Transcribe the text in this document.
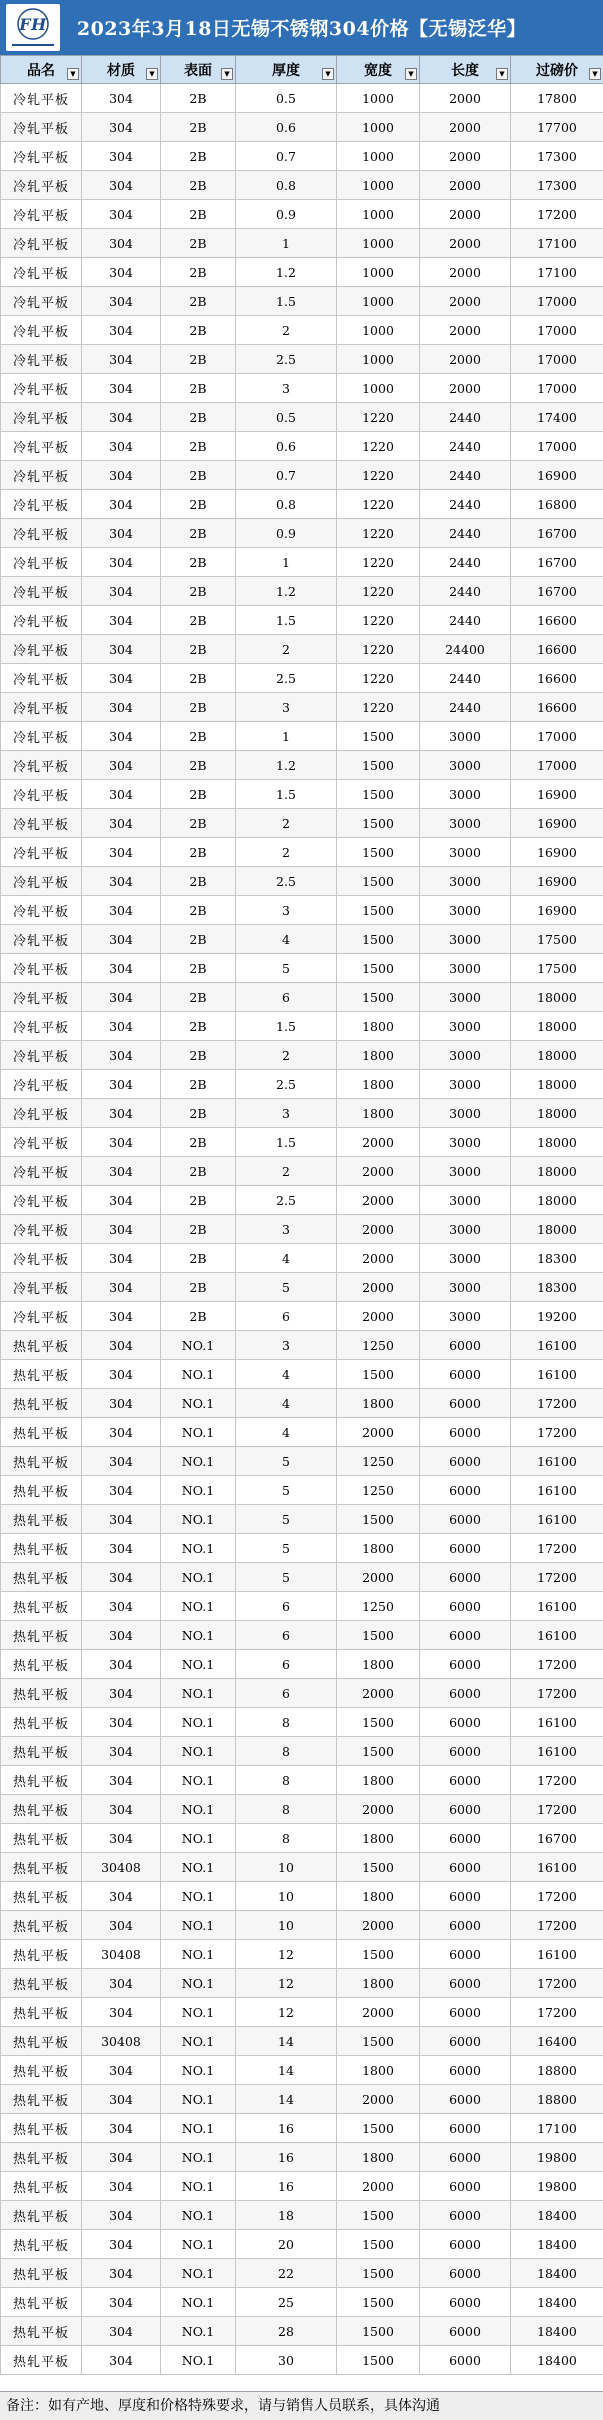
FH 2023年3月18日无锡不锈钢304价格【无锡泛华】
品名 ▼	材质 ▼	表面 ▼	厚度 ▼	宽度 ▼	长度 ▼	过磅价 ▼

冷轧平板	304	2B	0.5	1000	2000	17800
冷轧平板	304	2B	0.6	1000	2000	17700
冷轧平板	304	2B	0.7	1000	2000	17300
冷轧平板	304	2B	0.8	1000	2000	17300
冷轧平板	304	2B	0.9	1000	2000	17200
冷轧平板	304	2B	1	1000	2000	17100
冷轧平板	304	2B	1.2	1000	2000	17100
冷轧平板	304	2B	1.5	1000	2000	17000
冷轧平板	304	2B	2	1000	2000	17000
冷轧平板	304	2B	2.5	1000	2000	17000
冷轧平板	304	2B	3	1000	2000	17000
冷轧平板	304	2B	0.5	1220	2440	17400
冷轧平板	304	2B	0.6	1220	2440	17000
冷轧平板	304	2B	0.7	1220	2440	16900
冷轧平板	304	2B	0.8	1220	2440	16800
冷轧平板	304	2B	0.9	1220	2440	16700
冷轧平板	304	2B	1	1220	2440	16700
冷轧平板	304	2B	1.2	1220	2440	16700
冷轧平板	304	2B	1.5	1220	2440	16600
冷轧平板	304	2B	2	1220	24400	16600
冷轧平板	304	2B	2.5	1220	2440	16600
冷轧平板	304	2B	3	1220	2440	16600
冷轧平板	304	2B	1	1500	3000	17000
冷轧平板	304	2B	1.2	1500	3000	17000
冷轧平板	304	2B	1.5	1500	3000	16900
冷轧平板	304	2B	2	1500	3000	16900
冷轧平板	304	2B	2	1500	3000	16900
冷轧平板	304	2B	2.5	1500	3000	16900
冷轧平板	304	2B	3	1500	3000	16900
冷轧平板	304	2B	4	1500	3000	17500
冷轧平板	304	2B	5	1500	3000	17500
冷轧平板	304	2B	6	1500	3000	18000
冷轧平板	304	2B	1.5	1800	3000	18000
冷轧平板	304	2B	2	1800	3000	18000
冷轧平板	304	2B	2.5	1800	3000	18000
冷轧平板	304	2B	3	1800	3000	18000
冷轧平板	304	2B	1.5	2000	3000	18000
冷轧平板	304	2B	2	2000	3000	18000
冷轧平板	304	2B	2.5	2000	3000	18000
冷轧平板	304	2B	3	2000	3000	18000
冷轧平板	304	2B	4	2000	3000	18300
冷轧平板	304	2B	5	2000	3000	18300
冷轧平板	304	2B	6	2000	3000	19200
热轧平板	304	NO.1	3	1250	6000	16100
热轧平板	304	NO.1	4	1500	6000	16100
热轧平板	304	NO.1	4	1800	6000	17200
热轧平板	304	NO.1	4	2000	6000	17200
热轧平板	304	NO.1	5	1250	6000	16100
热轧平板	304	NO.1	5	1250	6000	16100
热轧平板	304	NO.1	5	1500	6000	16100
热轧平板	304	NO.1	5	1800	6000	17200
热轧平板	304	NO.1	5	2000	6000	17200
热轧平板	304	NO.1	6	1250	6000	16100
热轧平板	304	NO.1	6	1500	6000	16100
热轧平板	304	NO.1	6	1800	6000	17200
热轧平板	304	NO.1	6	2000	6000	17200
热轧平板	304	NO.1	8	1500	6000	16100
热轧平板	304	NO.1	8	1500	6000	16100
热轧平板	304	NO.1	8	1800	6000	17200
热轧平板	304	NO.1	8	2000	6000	17200
热轧平板	304	NO.1	8	1800	6000	16700
热轧平板	30408	NO.1	10	1500	6000	16100
热轧平板	304	NO.1	10	1800	6000	17200
热轧平板	304	NO.1	10	2000	6000	17200
热轧平板	30408	NO.1	12	1500	6000	16100
热轧平板	304	NO.1	12	1800	6000	17200
热轧平板	304	NO.1	12	2000	6000	17200
热轧平板	30408	NO.1	14	1500	6000	16400
热轧平板	304	NO.1	14	1800	6000	18800
热轧平板	304	NO.1	14	2000	6000	18800
热轧平板	304	NO.1	16	1500	6000	17100
热轧平板	304	NO.1	16	1800	6000	19800
热轧平板	304	NO.1	16	2000	6000	19800
热轧平板	304	NO.1	18	1500	6000	18400
热轧平板	304	NO.1	20	1500	6000	18400
热轧平板	304	NO.1	22	1500	6000	18400
热轧平板	304	NO.1	25	1500	6000	18400
热轧平板	304	NO.1	28	1500	6000	18400
热轧平板	304	NO.1	30	1500	6000	18400
备注：如有产地、厚度和价格特殊要求，请与销售人员联系，具体沟通
